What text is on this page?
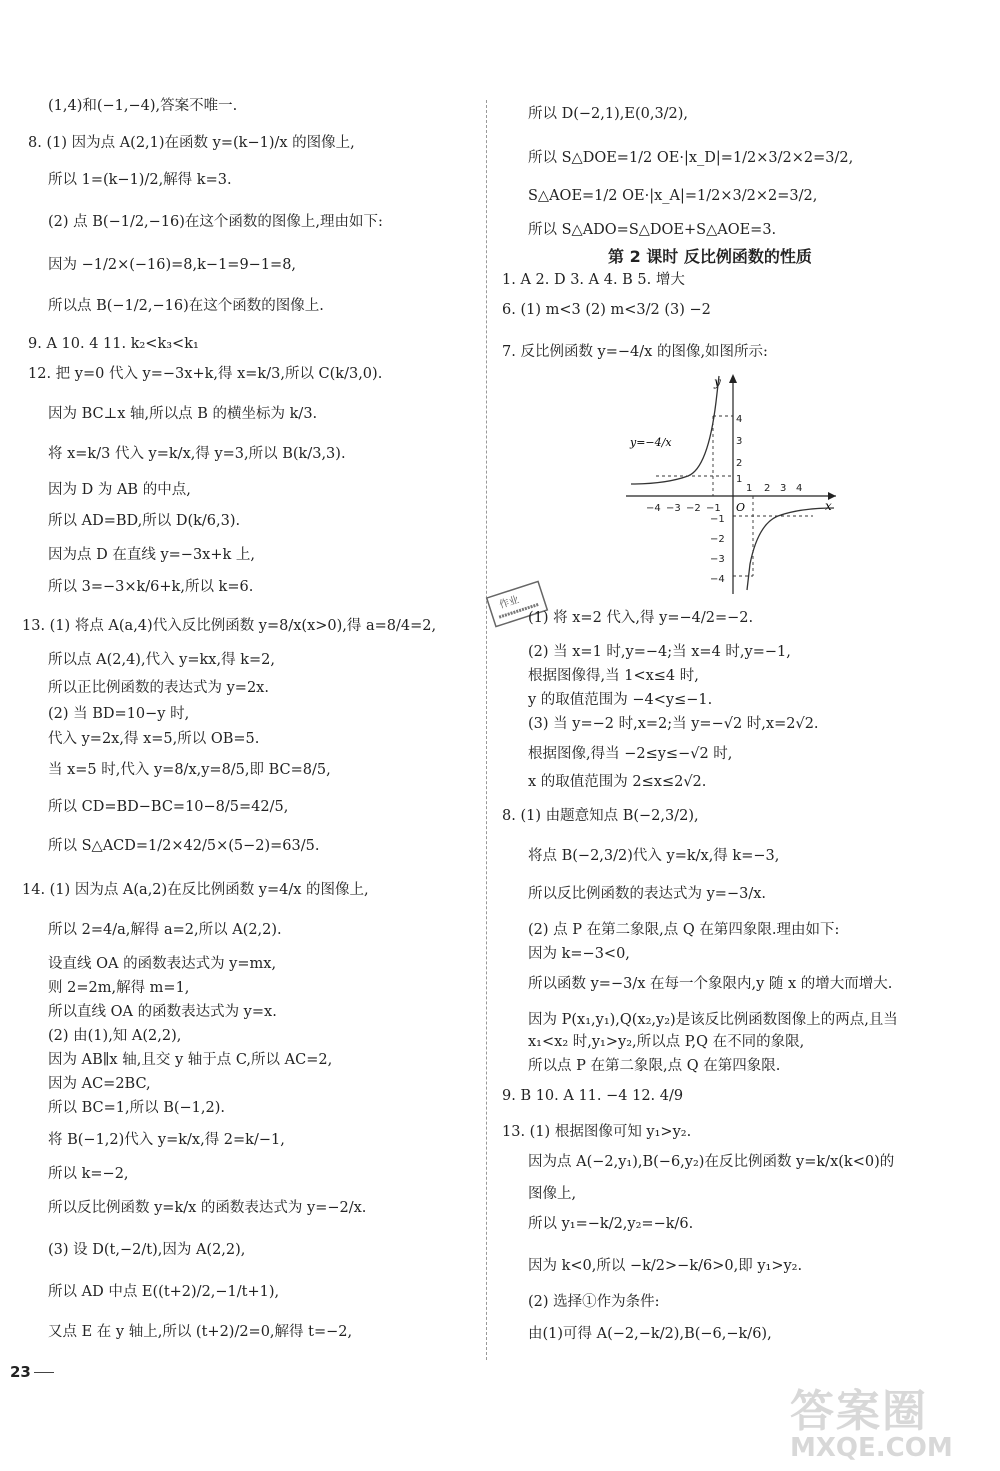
(1,4)和(−1,−4),答案不唯一.
8. (1) 因为点 A(2,1)在函数 y=(k−1)/x 的图像上,
所以 1=(k−1)/2,解得 k=3.
(2) 点 B(−1/2,−16)在这个函数的图像上,理由如下:
因为 −1/2×(−16)=8,k−1=9−1=8,
所以点 B(−1/2,−16)在这个函数的图像上.
9. A 10. 4 11. k₂<k₃<k₁
12. 把 y=0 代入 y=−3x+k,得 x=k/3,所以 C(k/3,0).
因为 BC⊥x 轴,所以点 B 的横坐标为 k/3.
将 x=k/3 代入 y=k/x,得 y=3,所以 B(k/3,3).
因为 D 为 AB 的中点,
所以 AD=BD,所以 D(k/6,3).
因为点 D 在直线 y=−3x+k 上,
所以 3=−3×k/6+k,所以 k=6.
13. (1) 将点 A(a,4)代入反比例函数 y=8/x(x>0),得 a=8/4=2,
所以点 A(2,4),代入 y=kx,得 k=2,
所以正比例函数的表达式为 y=2x.
(2) 当 BD=10−y 时,
代入 y=2x,得 x=5,所以 OB=5.
当 x=5 时,代入 y=8/x,y=8/5,即 BC=8/5,
所以 CD=BD−BC=10−8/5=42/5,
所以 S△ACD=1/2×42/5×(5−2)=63/5.
14. (1) 因为点 A(a,2)在反比例函数 y=4/x 的图像上,
所以 2=4/a,解得 a=2,所以 A(2,2).
设直线 OA 的函数表达式为 y=mx,
则 2=2m,解得 m=1,
所以直线 OA 的函数表达式为 y=x.
(2) 由(1),知 A(2,2),
因为 AB∥x 轴,且交 y 轴于点 C,所以 AC=2,
因为 AC=2BC,
所以 BC=1,所以 B(−1,2).
将 B(−1,2)代入 y=k/x,得 2=k/−1,
所以 k=−2,
所以反比例函数 y=k/x 的函数表达式为 y=−2/x.
(3) 设 D(t,−2/t),因为 A(2,2),
所以 AD 中点 E((t+2)/2,−1/t+1),
又点 E 在 y 轴上,所以 (t+2)/2=0,解得 t=−2,
所以 D(−2,1),E(0,3/2),
所以 S△DOE=1/2 OE·|x_D|=1/2×3/2×2=3/2,
S△AOE=1/2 OE·|x_A|=1/2×3/2×2=3/2,
所以 S△ADO=S△DOE+S△AOE=3.
第 2 课时 反比例函数的性质
1. A 2. D 3. A 4. B 5. 增大
6. (1) m<3 (2) m<3/2 (3) −2
7. 反比例函数 y=−4/x 的图像,如图所示:
x
y
O
−4 −3 −2 −1
1 2 3 4
4
3
2
1
−1
−2
−3
−4
y=−4/x
作业
(1) 将 x=2 代入,得 y=−4/2=−2.
(2) 当 x=1 时,y=−4;当 x=4 时,y=−1,
根据图像得,当 1<x≤4 时,
y 的取值范围为 −4<y≤−1.
(3) 当 y=−2 时,x=2;当 y=−√2 时,x=2√2.
根据图像,得当 −2≤y≤−√2 时,
x 的取值范围为 2≤x≤2√2.
8. (1) 由题意知点 B(−2,3/2),
将点 B(−2,3/2)代入 y=k/x,得 k=−3,
所以反比例函数的表达式为 y=−3/x.
(2) 点 P 在第二象限,点 Q 在第四象限.理由如下:
因为 k=−3<0,
所以函数 y=−3/x 在每一个象限内,y 随 x 的增大而增大.
因为 P(x₁,y₁),Q(x₂,y₂)是该反比例函数图像上的两点,且当
x₁<x₂ 时,y₁>y₂,所以点 P,Q 在不同的象限,
所以点 P 在第二象限,点 Q 在第四象限.
9. B 10. A 11. −4 12. 4/9
13. (1) 根据图像可知 y₁>y₂.
因为点 A(−2,y₁),B(−6,y₂)在反比例函数 y=k/x(k<0)的
图像上,
所以 y₁=−k/2,y₂=−k/6.
因为 k<0,所以 −k/2>−k/6>0,即 y₁>y₂.
(2) 选择①作为条件:
由(1)可得 A(−2,−k/2),B(−6,−k/6),
23
答案圈
MXQE.COM
